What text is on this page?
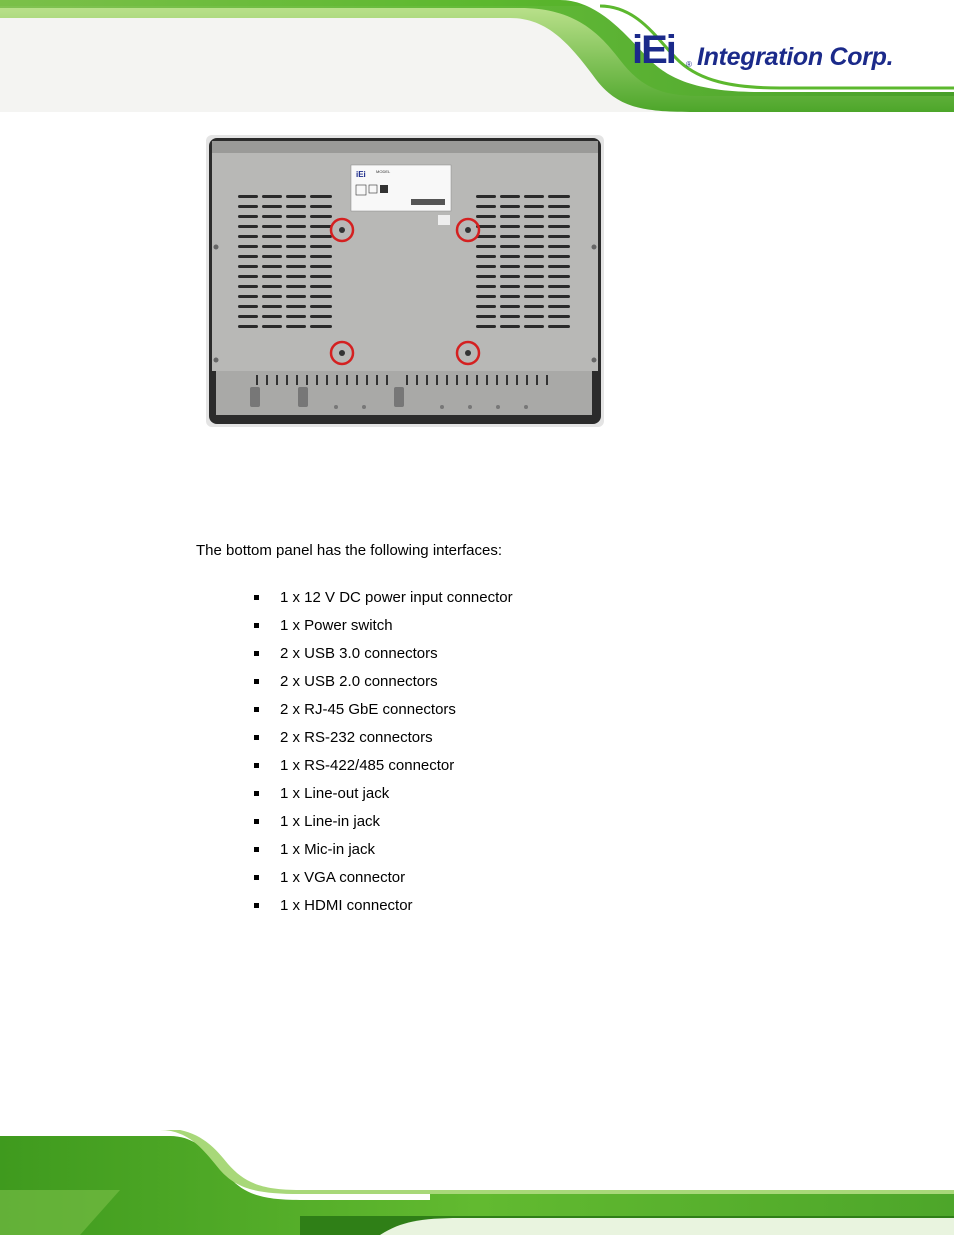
iEi ® Integration Corp.
iEi	MODEL
The bottom panel has the following interfaces:
1 x 12 V DC power input connector
1 x Power switch
2 x USB 3.0 connectors
2 x USB 2.0 connectors
2 x RJ-45 GbE connectors
2 x RS-232 connectors
1 x RS-422/485 connector
1 x Line-out jack
1 x Line-in jack
1 x Mic-in jack
1 x VGA connector
1 x HDMI connector
